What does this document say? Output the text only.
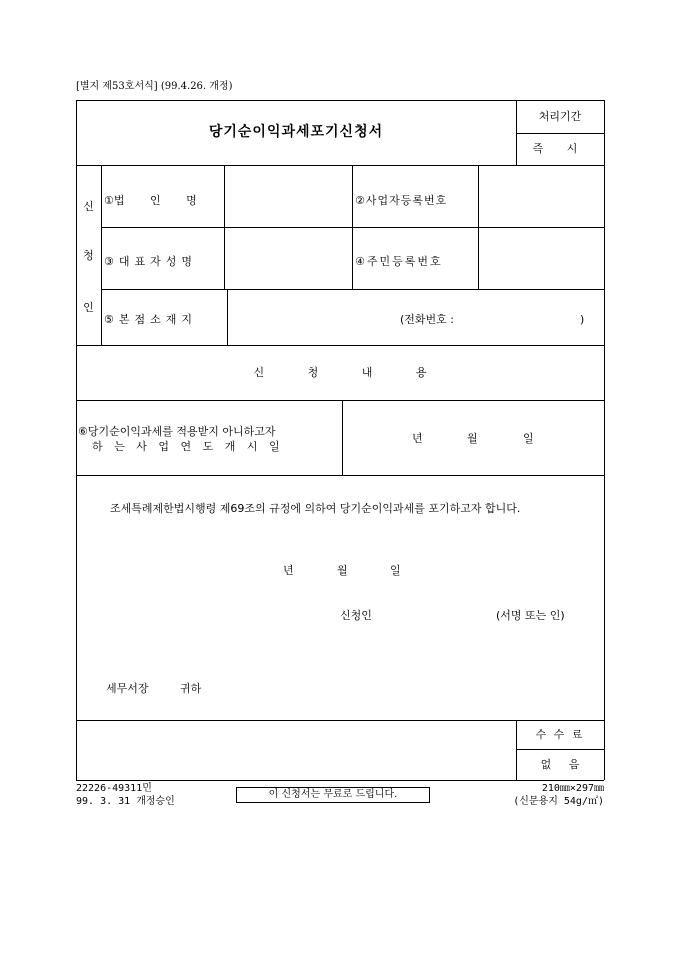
[별지 제53호서식] (99.4.26. 개정)
당기순이익과세포기신청서
처리기간
즉 시
신
청
인
①법 인 명	②사업자등록번호
③대표자성명	④주민등록번호
⑤본점소재지	(전화번호 :	)
신 청 내 용
⑥당기순이익과세를 적용받지 아니하고자
하 는 사 업 연 도 개 시 일
년	월	일
조세특례제한법시행령 제69조의 규정에 의하여 당기순이익과세를 포기하고자 합니다.
년	월	일
신청인	(서명 또는 인)
세무서장	귀하
수 수 료
없 음
22226-49311민
99. 3. 31 개정승인
이 신청서는 무료로 드립니다.
210㎜×297㎜
(신문용지 54g/㎡)
